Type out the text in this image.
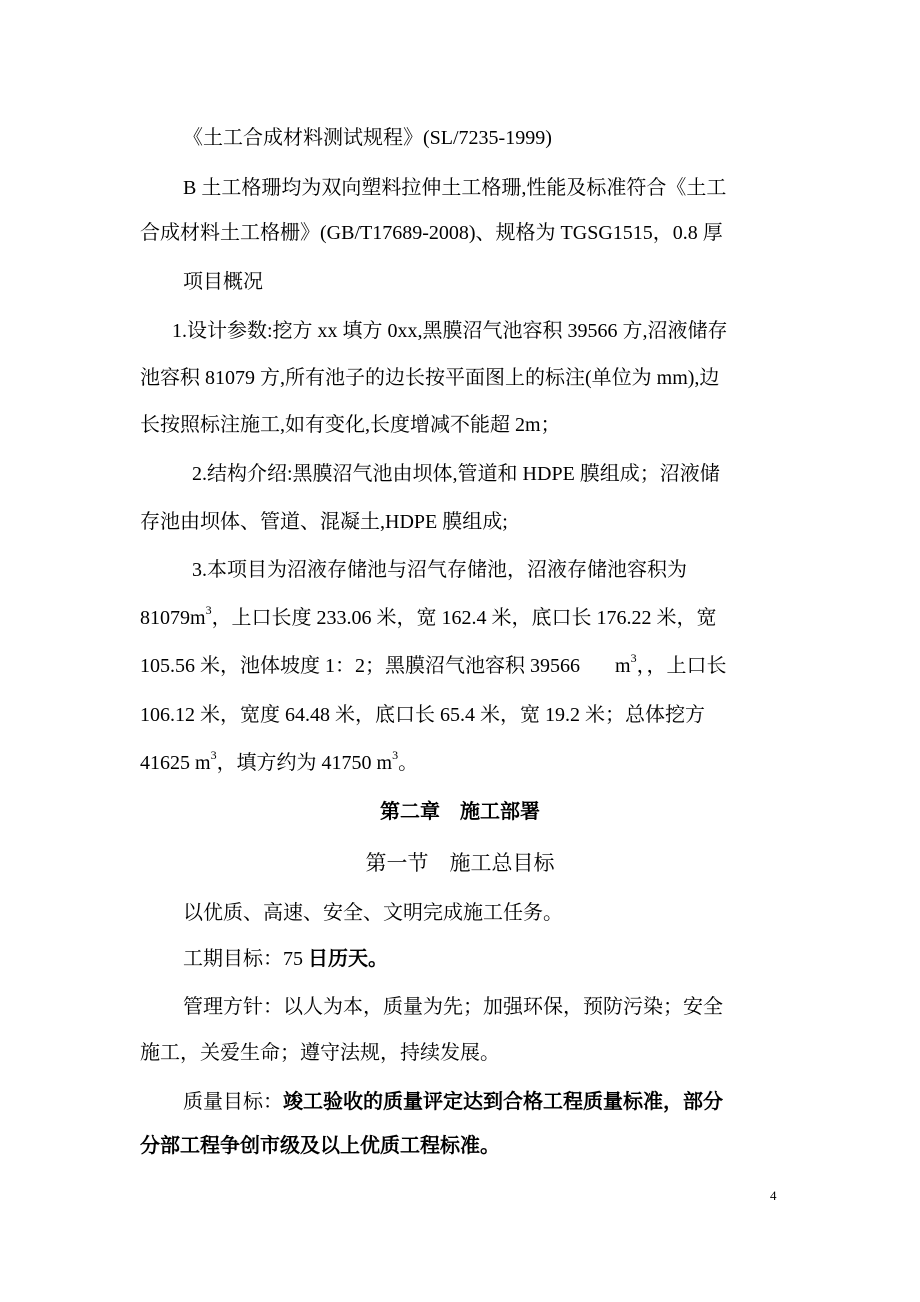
《土工合成材料测试规程》(SL/7235-1999)
B 土工格珊均为双向塑料拉伸土工格珊,性能及标准符合《土工
合成材料土工格栅》(GB/T17689-2008)、规格为 TGSG1515，0.8 厚
项目概况
1.设计参数:挖方 xx 填方 0xx,黑膜沼气池容积 39566 方,沼液储存
池容积 81079 方,所有池子的边长按平面图上的标注(单位为 mm),边
长按照标注施工,如有变化,长度增减不能超 2m；
2.结构介绍:黑膜沼气池由坝体,管道和 HDPE 膜组成；沼液储
存池由坝体、管道、混凝土,HDPE 膜组成;
3.本项目为沼液存储池与沼气存储池，沼液存储池容积为
$81079m^3$，上口长度 233.06 米，宽 162.4 米，底口长 176.22 米，宽
105.56 米，池体坡度 1：2；黑膜沼气池容积 39566       $m^3$，，上口长
106.12 米，宽度 64.48 米，底口长 65.4 米，宽 19.2 米；总体挖方
41625 $m^3$，填方约为 41750 $m^3$。
第二章    施工部署
第一节    施工总目标
以优质、高速、安全、文明完成施工任务。
工期目标：75 日历天。
管理方针：以人为本，质量为先；加强环保，预防污染；安全
施工，关爱生命；遵守法规，持续发展。
质量目标：竣工验收的质量评定达到合格工程质量标准，部分
分部工程争创市级及以上优质工程标准。
4
